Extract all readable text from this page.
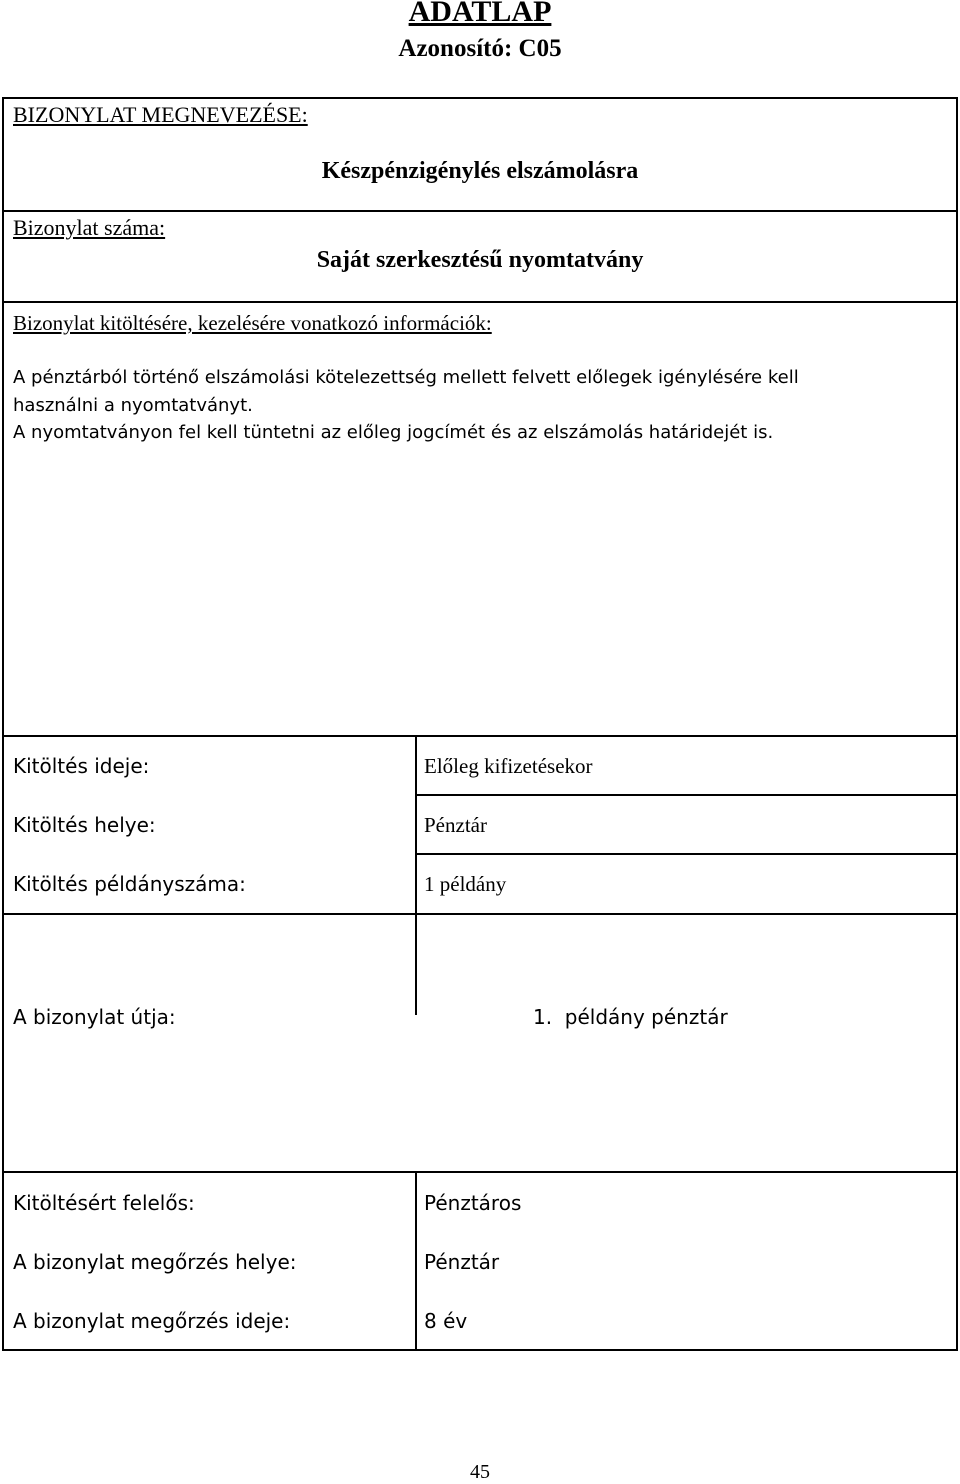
ADATLAP
Azonosító: C05
BIZONYLAT MEGNEVEZÉSE:
Készpénzigénylés elszámolásra
Bizonylat száma:
Saját szerkesztésű nyomtatvány
Bizonylat kitöltésére, kezelésére vonatkozó információk:
A pénztárból történő elszámolási kötelezettség mellett felvett előlegek igénylésére kell
használni a nyomtatványt.
A nyomtatványon fel kell tüntetni az előleg jogcímét és az elszámolás határidejét is.
Kitöltés ideje:	Előleg kifizetésekor
Kitöltés helye:	Pénztár
Kitöltés példányszáma:	1 példány
A bizonylat útja:	1.  példány pénztár
Kitöltésért felelős:	Pénztáros
A bizonylat megőrzés helye:	Pénztár
A bizonylat megőrzés ideje:	8 év
45
